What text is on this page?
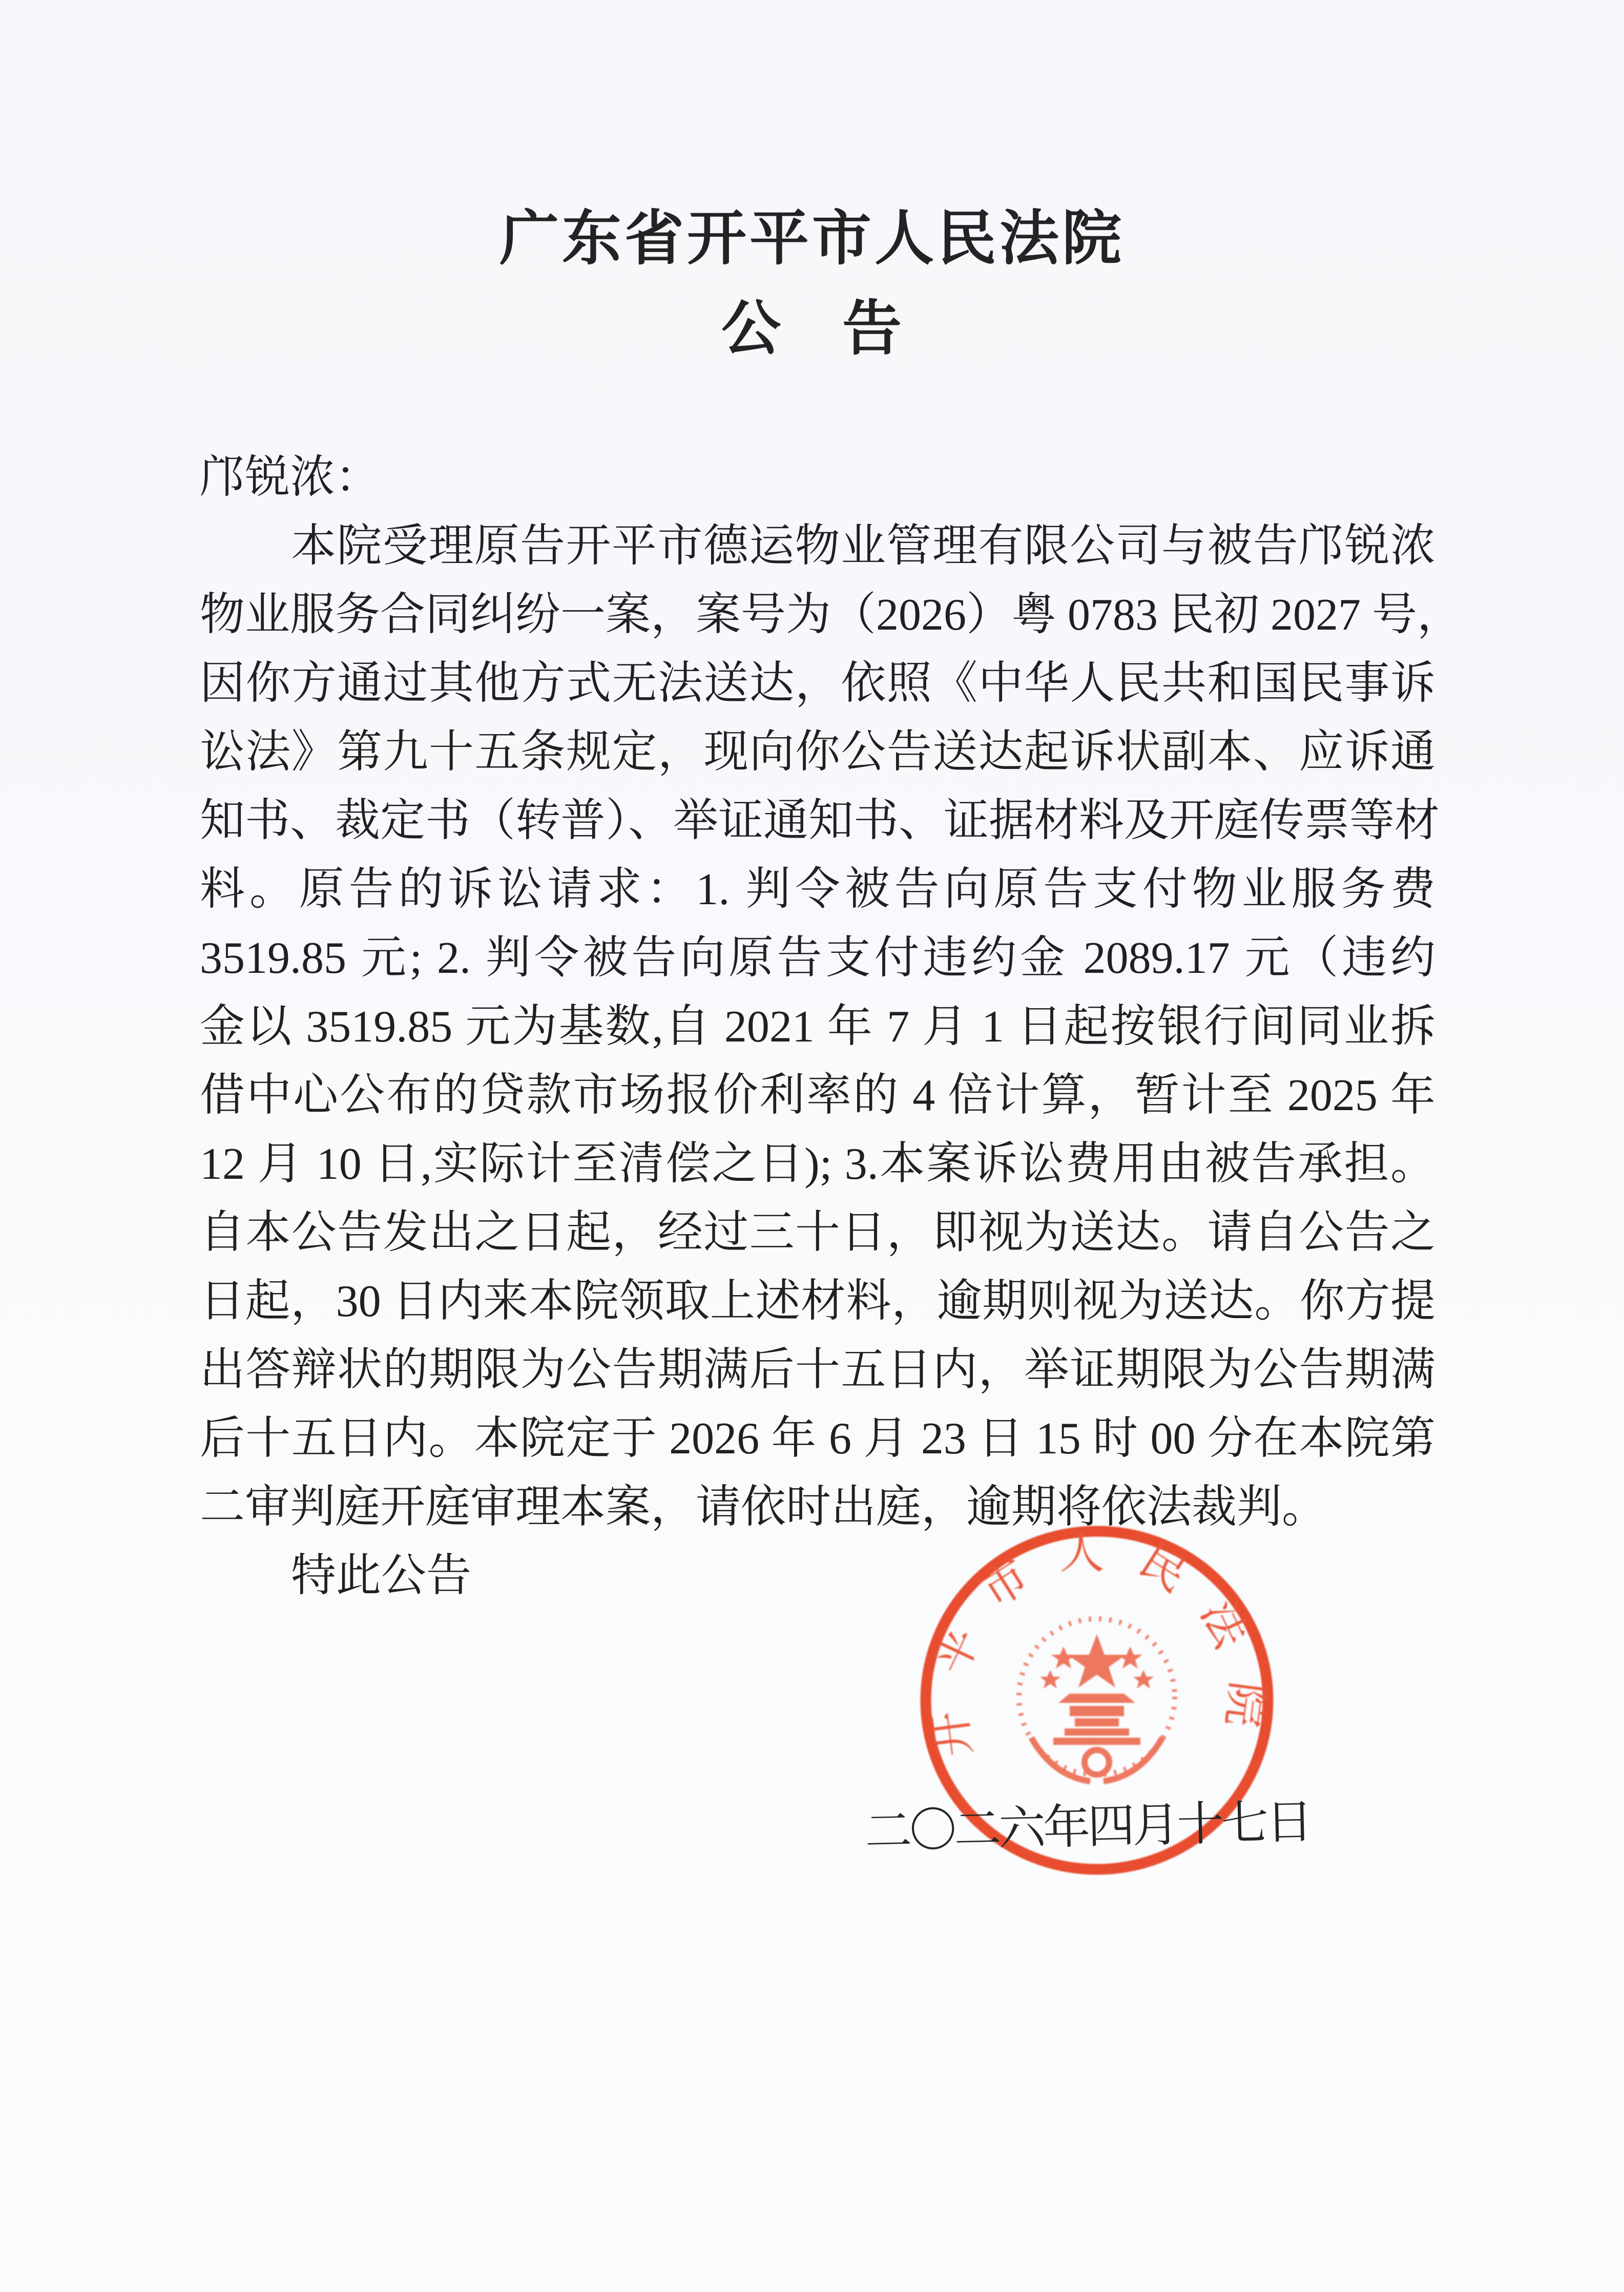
广东省开平市人民法院
公　告
邝锐浓：
本院受理原告开平市德运物业管理有限公司与被告邝锐浓
物业服务合同纠纷一案，案号为（2026）粤 0783 民初 2027 号，
因你方通过其他方式无法送达，依照《中华人民共和国民事诉
讼法》第九十五条规定，现向你公告送达起诉状副本、应诉通
知书、裁定书（转普）、举证通知书、证据材料及开庭传票等材
料。原告的诉讼请求：1. 判令被告向原告支付物业服务费
3519.85 元; 2. 判令被告向原告支付违约金 2089.17 元（违约
金以 3519.85 元为基数,自 2021 年 7 月 1 日起按银行间同业拆
借中心公布的贷款市场报价利率的 4 倍计算，暂计至 2025 年
12 月 10 日,实际计至清偿之日); 3.本案诉讼费用由被告承担。
自本公告发出之日起，经过三十日，即视为送达。请自公告之
日起，30 日内来本院领取上述材料，逾期则视为送达。你方提
出答辩状的期限为公告期满后十五日内，举证期限为公告期满
后十五日内。本院定于 2026 年 6 月 23 日 15 时 00 分在本院第
二审判庭开庭审理本案，请依时出庭，逾期将依法裁判。
特此公告
开平市人民法院
二〇二六年四月十七日
